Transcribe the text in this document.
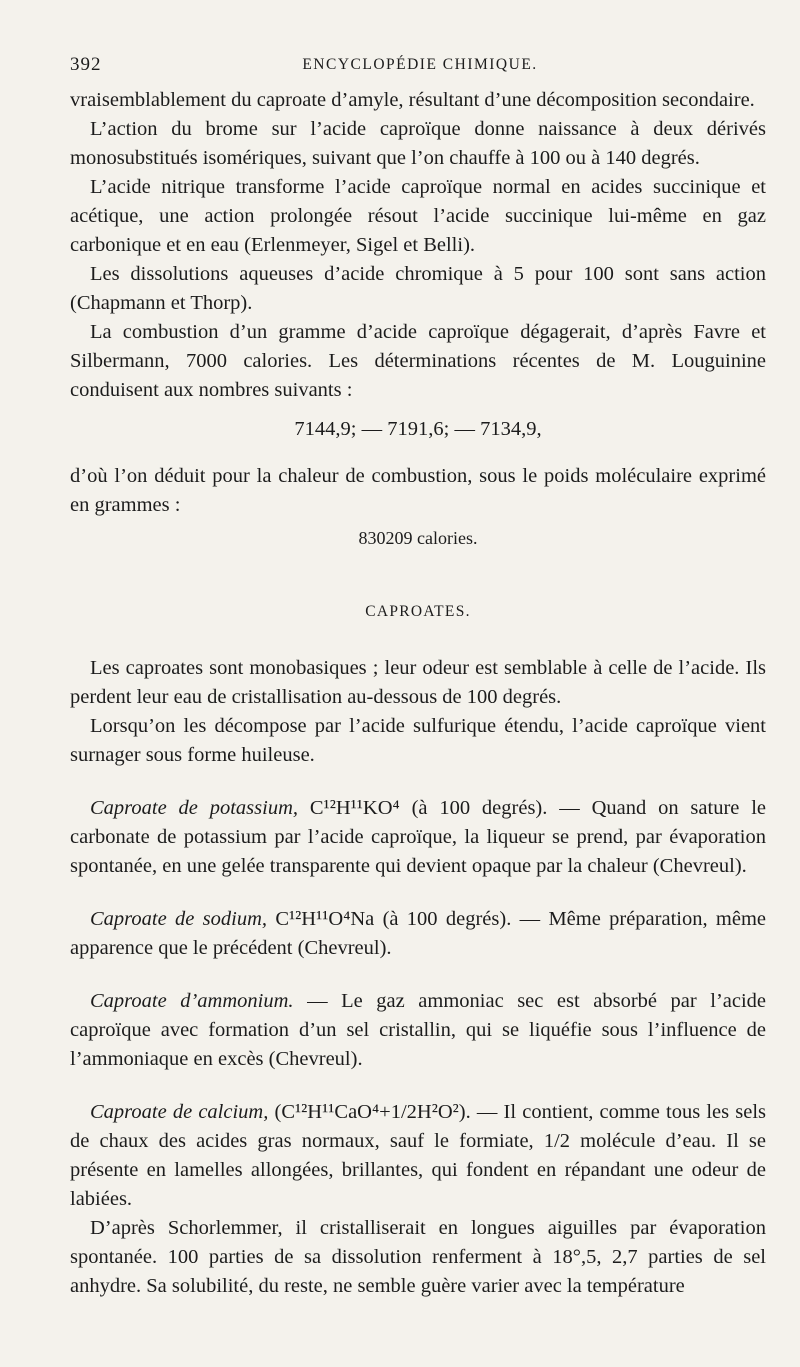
392	ENCYCLOPÉDIE CHIMIQUE.

vraisemblablement du caproate d’amyle, résultant d’une décomposition secondaire.

L’action du brome sur l’acide caproïque donne naissance à deux dérivés monosubstitués isomériques, suivant que l’on chauffe à 100 ou à 140 degrés.

L’acide nitrique transforme l’acide caproïque normal en acides succinique et acétique, une action prolongée résout l’acide succinique lui-même en gaz carbonique et en eau (Erlenmeyer, Sigel et Belli).

Les dissolutions aqueuses d’acide chromique à 5 pour 100 sont sans action (Chapmann et Thorp).

La combustion d’un gramme d’acide caproïque dégagerait, d’après Favre et Silbermann, 7000 calories. Les déterminations récentes de M. Louguinine conduisent aux nombres suivants :

7144,9; — 7191,6; — 7134,9,

d’où l’on déduit pour la chaleur de combustion, sous le poids moléculaire exprimé en grammes :

830209 calories.

CAPROATES.

Les caproates sont monobasiques ; leur odeur est semblable à celle de l’acide. Ils perdent leur eau de cristallisation au-dessous de 100 degrés.

Lorsqu’on les décompose par l’acide sulfurique étendu, l’acide caproïque vient surnager sous forme huileuse.

Caproate de potassium, C¹²H¹¹KO⁴ (à 100 degrés). — Quand on sature le carbonate de potassium par l’acide caproïque, la liqueur se prend, par évaporation spontanée, en une gelée transparente qui devient opaque par la chaleur (Chevreul).

Caproate de sodium, C¹²H¹¹O⁴Na (à 100 degrés). — Même préparation, même apparence que le précédent (Chevreul).

Caproate d’ammonium. — Le gaz ammoniac sec est absorbé par l’acide caproïque avec formation d’un sel cristallin, qui se liquéfie sous l’influence de l’ammoniaque en excès (Chevreul).

Caproate de calcium, (C¹²H¹¹CaO⁴+1/2H²O²). — Il contient, comme tous les sels de chaux des acides gras normaux, sauf le formiate, 1/2 molécule d’eau. Il se présente en lamelles allongées, brillantes, qui fondent en répandant une odeur de labiées.

D’après Schorlemmer, il cristalliserait en longues aiguilles par évaporation spontanée. 100 parties de sa dissolution renferment à 18°,5, 2,7 parties de sel anhydre. Sa solubilité, du reste, ne semble guère varier avec la température
